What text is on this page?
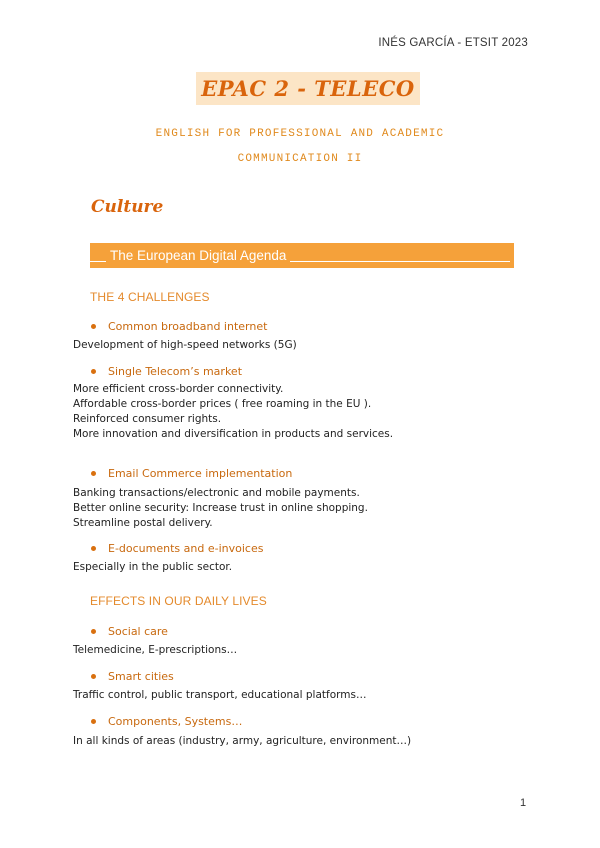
INÉS GARCÍA - ETSIT 2023
EPAC 2 - TELECO
ENGLISH FOR PROFESSIONAL AND ACADEMIC
COMMUNICATION II
Culture
The European Digital Agenda
THE 4 CHALLENGES
Common broadband internet
Development of high-speed networks (5G)
Single Telecom’s market
More efficient cross-border connectivity.
Affordable cross-border prices ( free roaming in the EU ).
Reinforced consumer rights.
More innovation and diversification in products and services.
Email Commerce implementation
Banking transactions/electronic and mobile payments.
Better online security: Increase trust in online shopping.
Streamline postal delivery.
E-documents and e-invoices
Especially in the public sector.
EFFECTS IN OUR DAILY LIVES
Social care
Telemedicine, E-prescriptions…
Smart cities
Traffic control, public transport, educational platforms…
Components, Systems…
In all kinds of areas (industry, army, agriculture, environment…)
1
